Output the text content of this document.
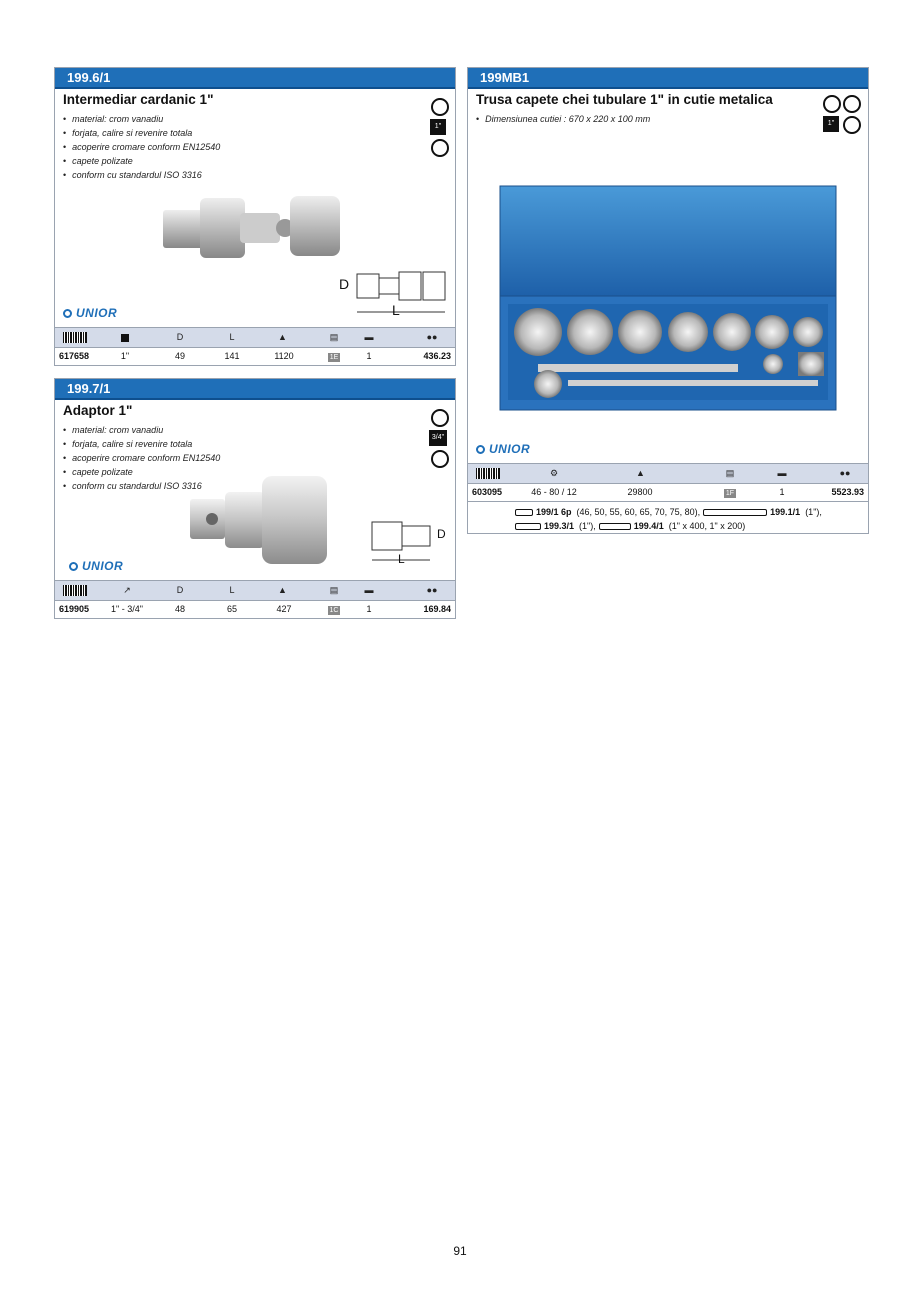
199.6/1
Intermediar cardanic 1"
• material: crom vanadiu
• forjata, calire si revenire totala
• acoperire cromare conform EN12540
• capete polizate
• conform cu standardul ISO 3316
1"
D
L
UNIOR
D	L	▲	▤	▬	●●
617658	1"	49	141	1120	1E	1	436.23
199.7/1
Adaptor 1"
• material: crom vanadiu
• forjata, calire si revenire totala
• acoperire cromare conform EN12540
• capete polizate
• conform cu standardul ISO 3316
3/4"
D
L
UNIOR
↗	D	L	▲	▤	▬	●●
619905	1" - 3/4"	48	65	427	1C	1	169.84
199MB1
Trusa capete chei tubulare 1" in cutie metalica
• Dimensiunea cutiei : 670 x 220 x 100 mm	1"
UNIOR
⚙	▲	▤	▬	●●
603095	46 - 80 / 12	29800	1F	1	5523.93
199/1 6p (46, 50, 55, 60, 65, 70, 75, 80),	199.1/1 (1"),
199.3/1 (1"),	199.4/1 (1" x 400, 1" x 200)
91
